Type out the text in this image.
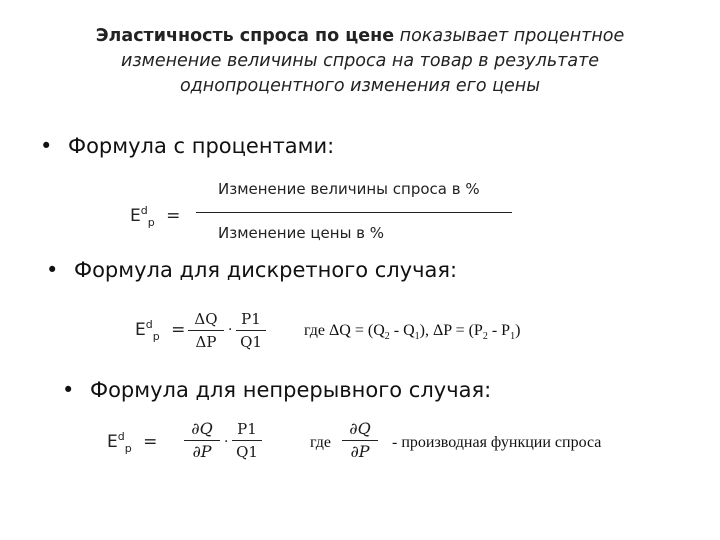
Эластичность спроса по цене показывает процентное
изменение величины спроса на товар в результате
однопроцентного изменения его цены
• Формула с процентами:
$E^d_p$ =
Изменение величины спроса в %
Изменение цены в %
• Формула для дискретного случая:
$E^d_p$ =
ΔQ
ΔP
·
P1
Q1
где $\Delta Q = (Q_2 - Q_1)$, $\Delta P = (P_2 - P_1)$
• Формула для непрерывного случая:
$E^d_p$ =
∂Q
∂P ·
P1
Q1
где
∂Q
∂P	- производная функции спроса
